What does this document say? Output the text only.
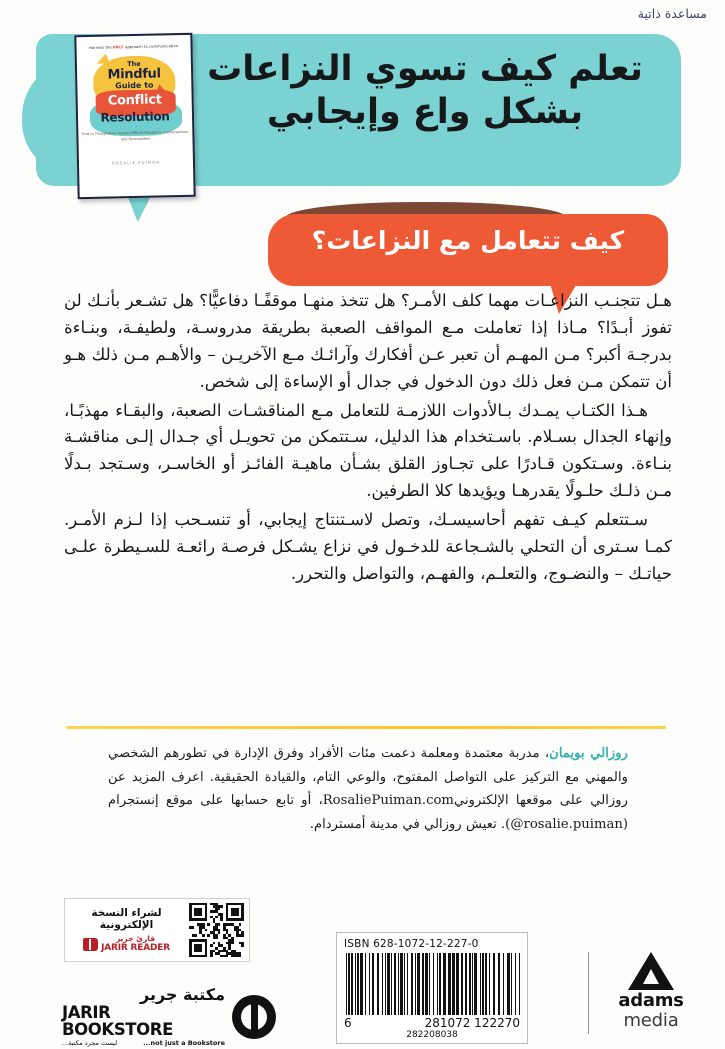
مساعدة ذاتية
تعلم كيف تسوي النزاعات
بشكل واع وإيجابي
Harness the PBCC approach to communication
The
Mindful
Guide to
Conflict
Resolution
How to Thoughtfully Handle Difficult Situations, Conversations, and Personalities
ROSALIE PUIMAN
كيف تتعامل مع النزاعات؟

هـل تتجنـب النزاعـات مهما كلف الأمـر؟ هل تتخذ منهـا موقفًـا دفاعيًّا؟ هل تشـعر بأنـك لن تفوز أبـدًا؟ مـاذا إذا تعاملت مـع المواقف الصعبة بطريقة مدروسـة، ولطيفـة، وبنـاءة بدرجـة أكبر؟ مـن المهـم أن تعبر عـن أفكارك وآرائـك مـع الآخريـن – والأهـم مـن ذلك هـو أن تتمكن مـن فعل ذلك دون الدخول في جدال أو الإساءة إلى شخص.

هـذا الكتـاب يمـدك بـالأدوات اللازمـة للتعامل مـع المناقشـات الصعبة، والبقـاء مهذبًـا، وإنهاء الجدال بسـلام. باسـتخدام هذا الدليل، سـتتمكن من تحويـل أي جـدال إلـى مناقشـة بنـاءة. وسـتكون قـادرًا على تجـاوز القلق بشـأن ماهيـة الفائـز أو الخاسـر، وسـتجد بـدلًا مـن ذلـك حلـولًا يقدرهـا ويؤيدها كلا الطرفين.

سـتتعلم كيـف تفهم أحاسيسـك، وتصل لاسـتنتاج إيجابي، أو تنسـحب إذا لـزم الأمـر. كمـا سـترى أن التحلي بالشـجاعة للدخـول في نزاع يشـكل فرصـة رائعـة للسـيطرة علـى حياتـك – والنضـوج، والتعلـم، والفهـم، والتواصل والتحرر.

روزالي بويمان، مدربة معتمدة ومعلمة دعمت مئات الأفراد وفرق الإدارة في تطورهم الشخصي والمهني مع التركيز على التواصل المفتوح، والوعي التام، والقيادة الحقيقية. اعرف المزيد عن روزالي على موقعها الإلكترونيRosaliePuiman.com، أو تابع حسابها على موقع إنستجرام (@rosalie.puiman). تعيش روزالي في مدينة أمستردام.
لشراء النسخة
الإلكترونية
قارئ جرير
JARIR READER
مكتبة جرير
JARIR BOOKSTORE
...not just a Bookstore
ليست مجرد مكتبة...
ISBN 628-1072-12-227-0
6	281072 122270
282208038
adams
media
